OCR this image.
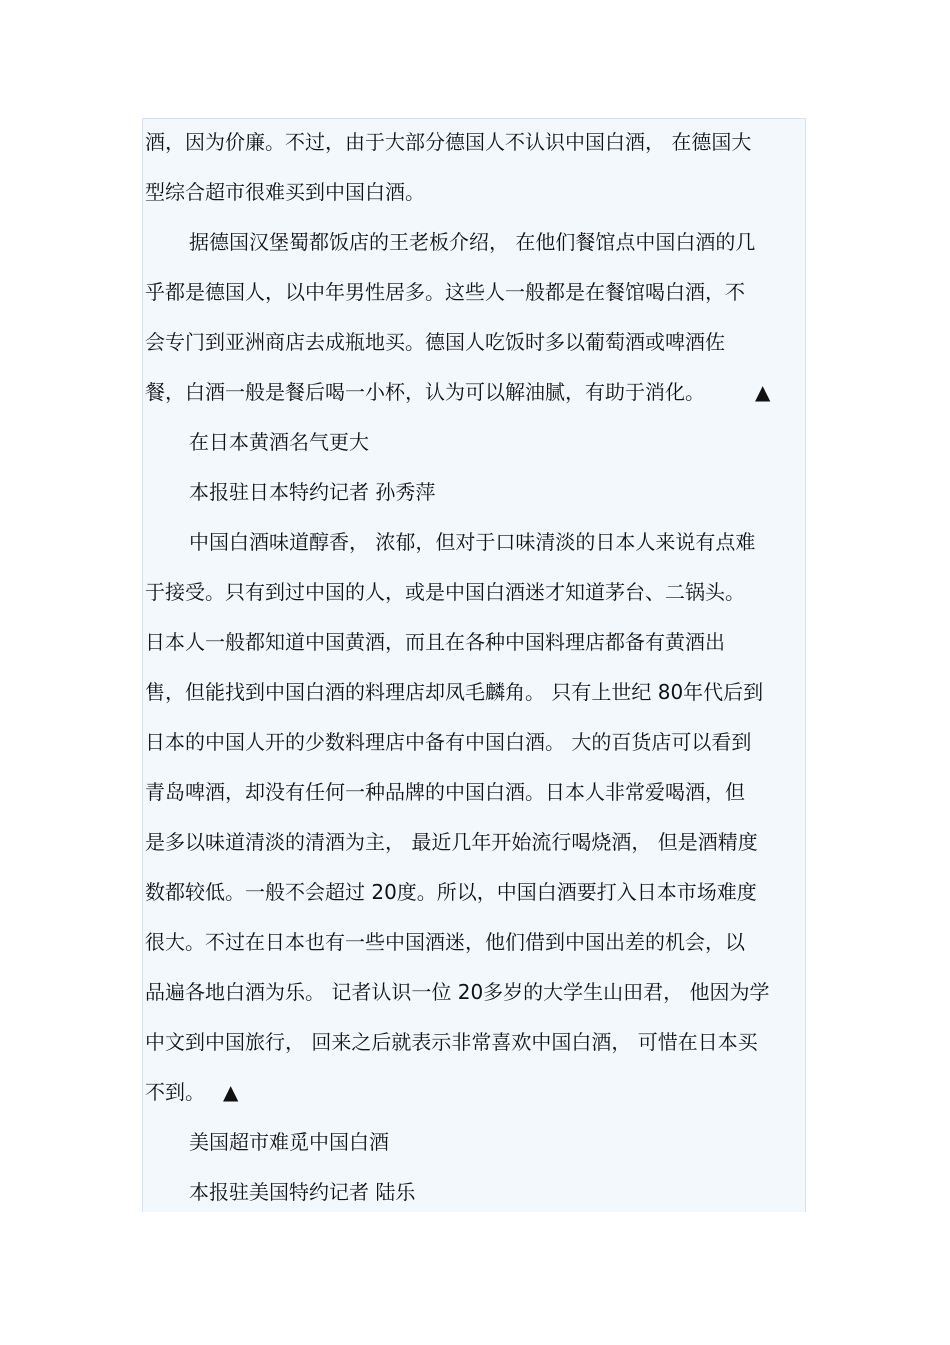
酒，因为价廉。不过，由于大部分德国人不认识中国白酒， 在德国大
型综合超市很难买到中国白酒。
据德国汉堡蜀都饭店的王老板介绍， 在他们餐馆点中国白酒的几
乎都是德国人，以中年男性居多。这些人一般都是在餐馆喝白酒，不
会专门到亚洲商店去成瓶地买。德国人吃饭时多以葡萄酒或啤酒佐
餐，白酒一般是餐后喝一小杯，认为可以解油腻，有助于消化。	▲
在日本黄酒名气更大
本报驻日本特约记者 孙秀萍
中国白酒味道醇香， 浓郁，但对于口味清淡的日本人来说有点难
于接受。只有到过中国的人，或是中国白酒迷才知道茅台、二锅头。
日本人一般都知道中国黄酒，而且在各种中国料理店都备有黄酒出
售，但能找到中国白酒的料理店却凤毛麟角。 只有上世纪 80年代后到
日本的中国人开的少数料理店中备有中国白酒。 大的百货店可以看到
青岛啤酒，却没有任何一种品牌的中国白酒。日本人非常爱喝酒，但
是多以味道清淡的清酒为主， 最近几年开始流行喝烧酒， 但是酒精度
数都较低。一般不会超过 20度。所以，中国白酒要打入日本市场难度
很大。不过在日本也有一些中国酒迷，他们借到中国出差的机会，以
品遍各地白酒为乐。 记者认识一位 20多岁的大学生山田君， 他因为学
中文到中国旅行， 回来之后就表示非常喜欢中国白酒， 可惜在日本买
不到。 ▲
美国超市难觅中国白酒
本报驻美国特约记者 陆乐
